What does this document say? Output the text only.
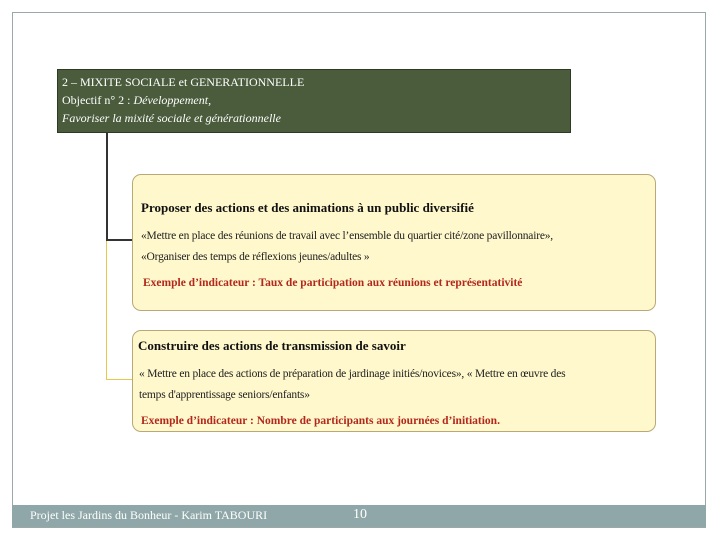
2 – MIXITE SOCIALE et GENERATIONNELLE
Objectif n° 2 : Développement,
Favoriser la mixité sociale et générationnelle
Proposer des actions et des animations à un public diversifié
«Mettre en place des réunions de travail avec l’ensemble du quartier cité/zone pavillonnaire»,
«Organiser des temps de réflexions jeunes/adultes »
Exemple d’indicateur : Taux de participation aux réunions et représentativité
Construire des actions de transmission de savoir
« Mettre en place des actions de préparation de jardinage initiés/novices», « Mettre en œuvre des
temps d'apprentissage seniors/enfants»
Exemple d’indicateur : Nombre de participants aux journées d’initiation.
Projet les Jardins du Bonheur - Karim TABOURI	10
